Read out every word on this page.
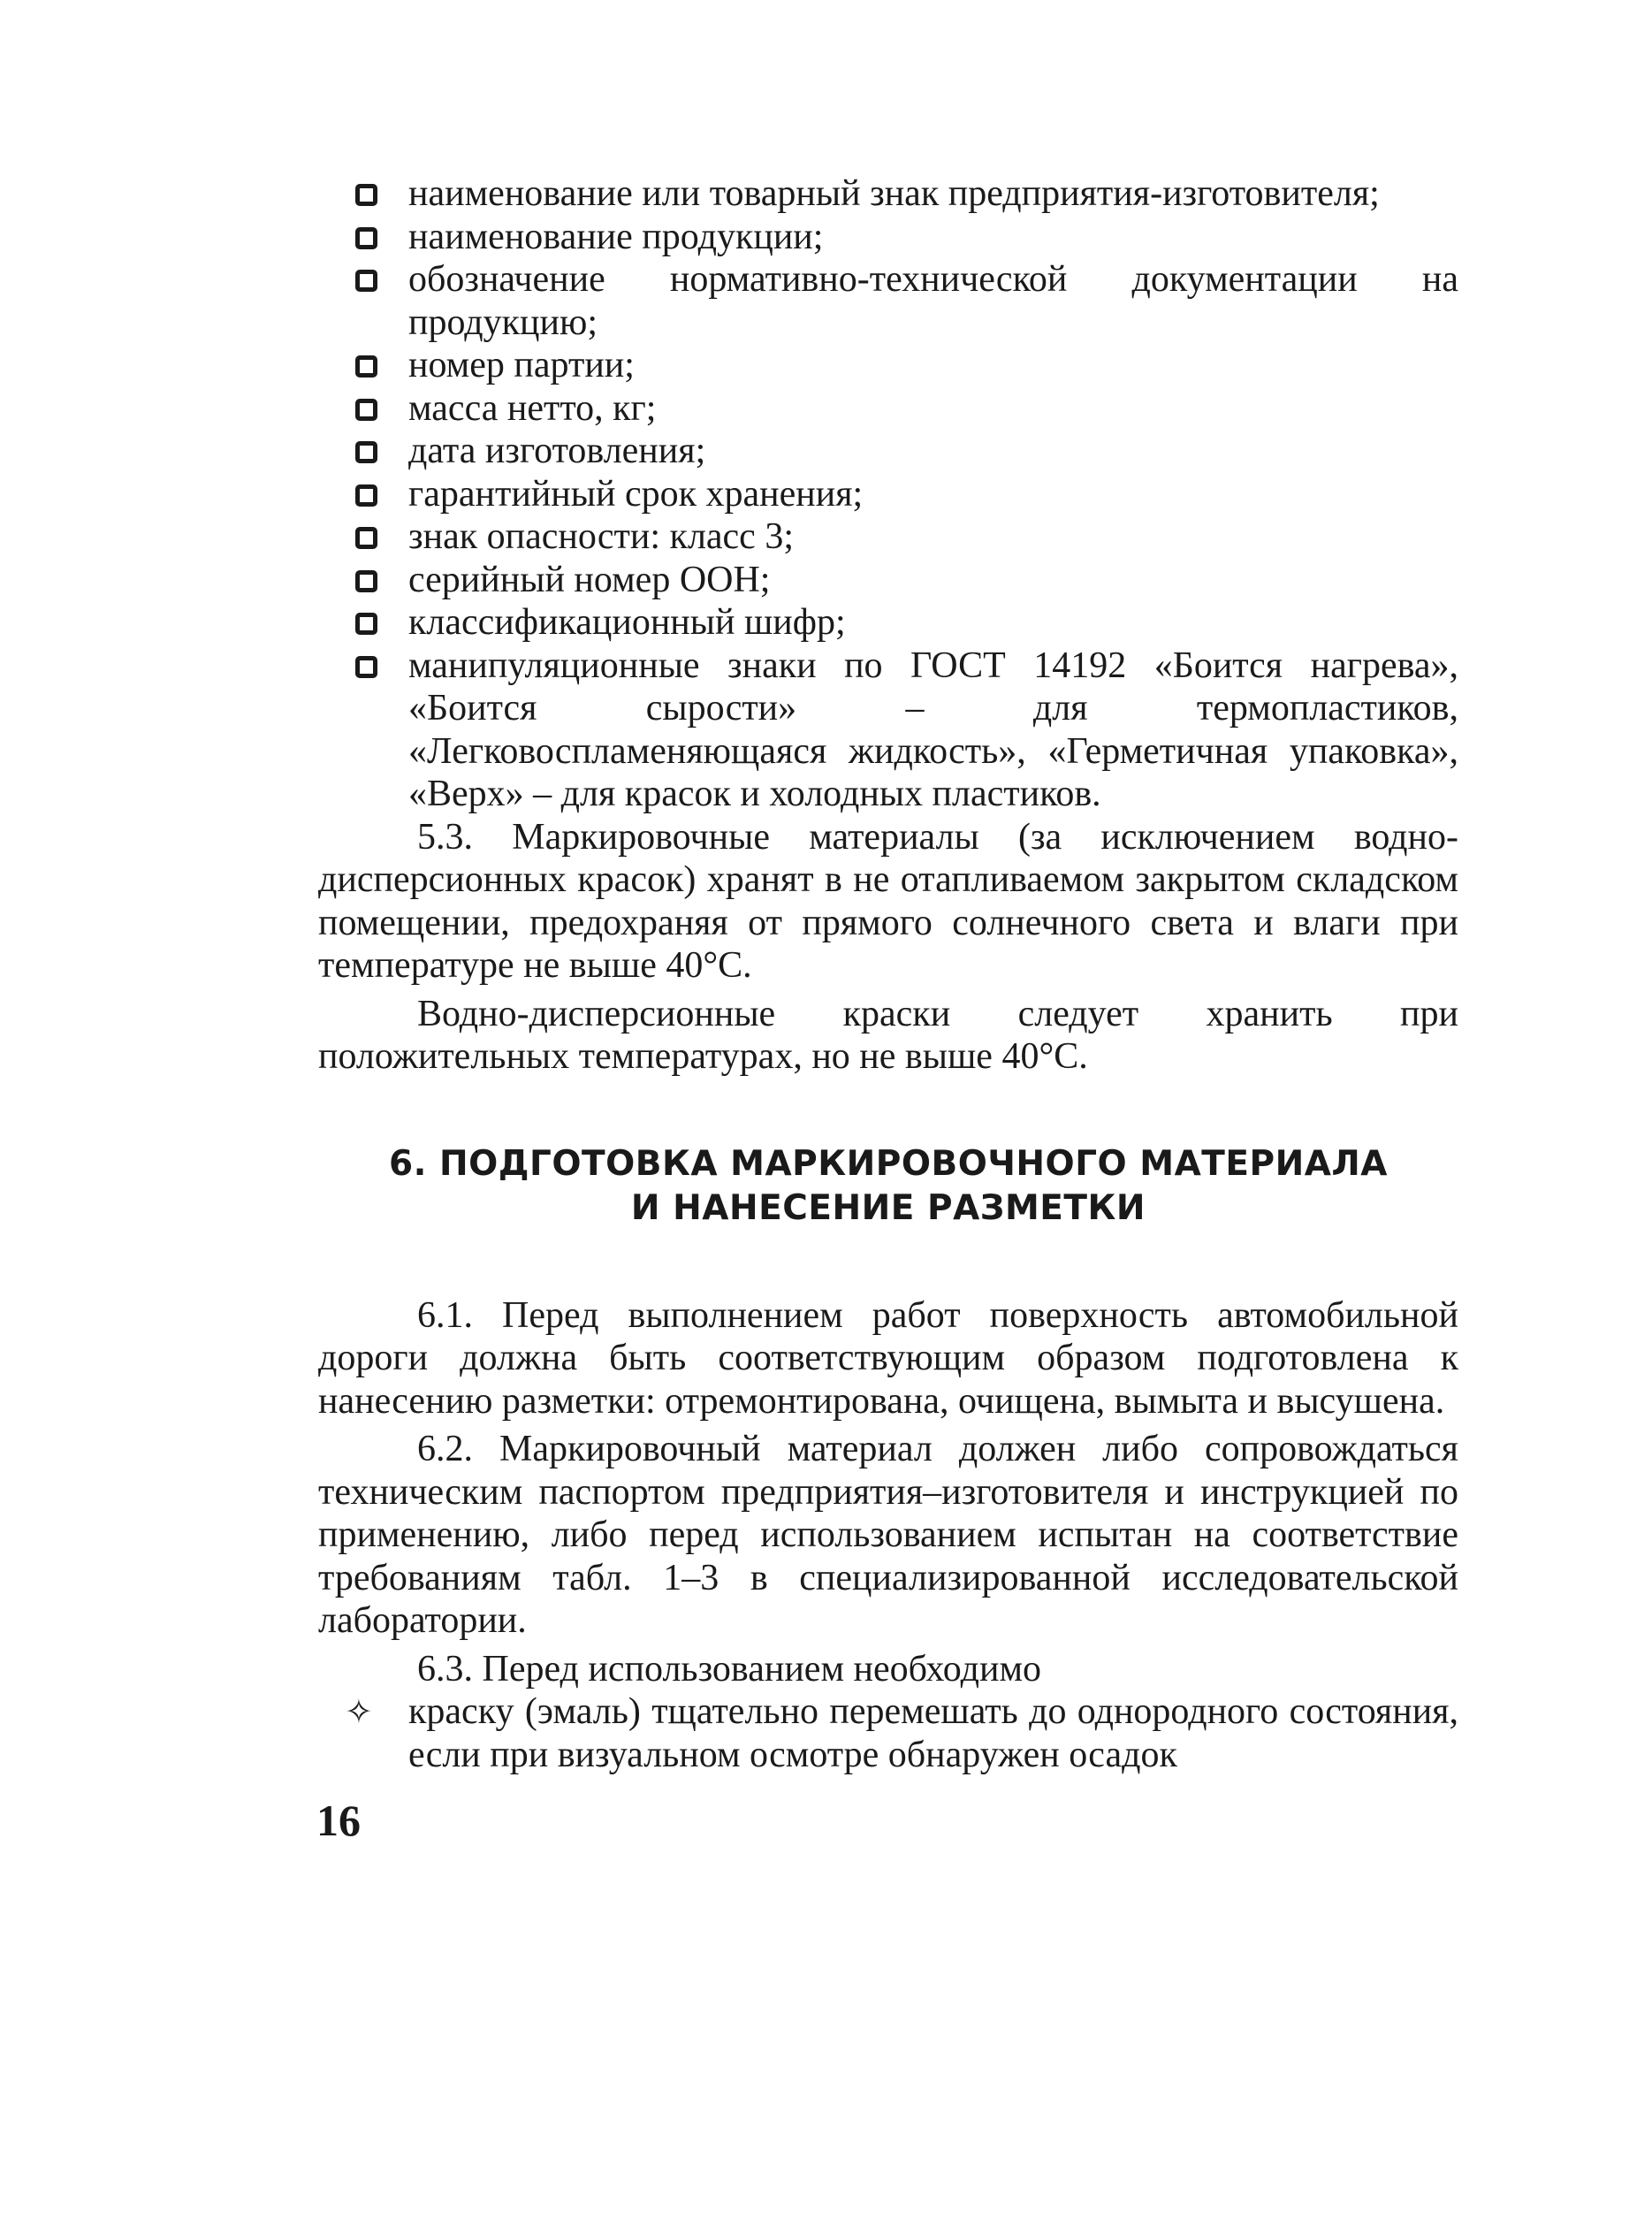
наименование или товарный знак предприятия-изготовителя;
наименование продукции;
обозначение нормативно-технической документации на продукцию;
номер партии;
масса нетто, кг;
дата изготовления;
гарантийный срок хранения;
знак опасности: класс 3;
серийный номер ООН;
классификационный шифр;
манипуляционные знаки по ГОСТ 14192 «Боится нагрева», «Боится сырости» – для термопластиков, «Легковоспламеняющаяся жидкость», «Герметичная упаковка», «Верх» – для красок и холодных пластиков.

5.3. Маркировочные материалы (за исключением водно-дисперсионных красок) хранят в не отапливаемом закрытом складском помещении, предохраняя от прямого солнечного света и влаги при температуре не выше 40°С.

Водно-дисперсионные краски следует хранить при положительных температурах, но не выше 40°С.

6. ПОДГОТОВКА МАРКИРОВОЧНОГО МАТЕРИАЛА
И НАНЕСЕНИЕ РАЗМЕТКИ

6.1. Перед выполнением работ поверхность автомобильной дороги должна быть соответствующим образом подготовлена к нанесению разметки: отремонтирована, очищена, вымыта и высушена.

6.2. Маркировочный материал должен либо сопровождаться техническим паспортом предприятия–изготовителя и инструкцией по применению, либо перед использованием испытан на соответствие требованиям табл. 1–3 в специализированной исследовательской лаборатории.

6.3. Перед использованием необходимо

✧ краску (эмаль) тщательно перемешать до однородного состояния, если при визуальном осмотре обнаружен осадок
16
